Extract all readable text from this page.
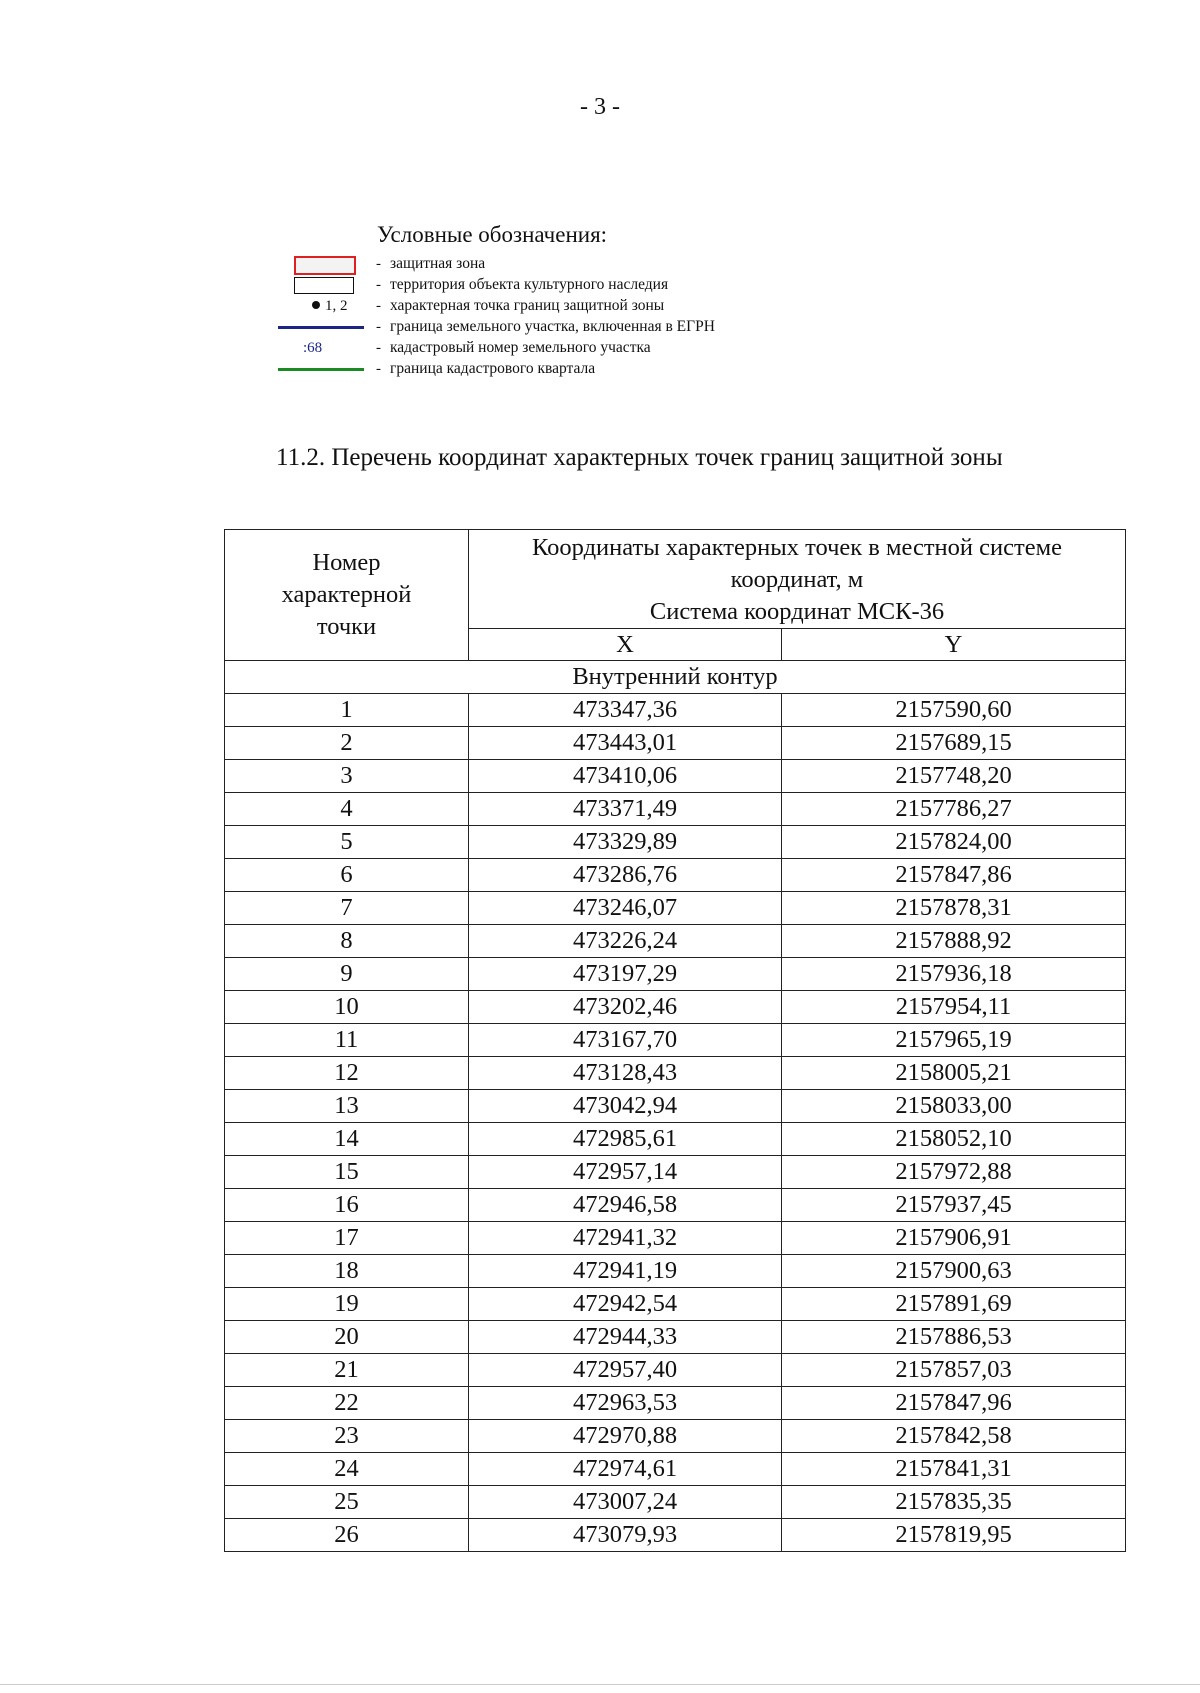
- 3 -
Условные обозначения:
- защитная зона
- территория объекта культурного наследия
1, 2 - характерная точка границ защитной зоны
- граница земельного участка, включенная в ЕГРН
:68	- кадастровый номер земельного участка
- граница кадастрового квартала
11.2. Перечень координат характерных точек границ защитной зоны
Номер
характерной
точки	Координаты характерных точек в местной системе
координат, м
Система координат МСК-36	
	X	Y
Внутренний контур		
1	473347,36	2157590,60
2	473443,01	2157689,15
3	473410,06	2157748,20
4	473371,49	2157786,27
5	473329,89	2157824,00
6	473286,76	2157847,86
7	473246,07	2157878,31
8	473226,24	2157888,92
9	473197,29	2157936,18
10	473202,46	2157954,11
11	473167,70	2157965,19
12	473128,43	2158005,21
13	473042,94	2158033,00
14	472985,61	2158052,10
15	472957,14	2157972,88
16	472946,58	2157937,45
17	472941,32	2157906,91
18	472941,19	2157900,63
19	472942,54	2157891,69
20	472944,33	2157886,53
21	472957,40	2157857,03
22	472963,53	2157847,96
23	472970,88	2157842,58
24	472974,61	2157841,31
25	473007,24	2157835,35
26	473079,93	2157819,95
